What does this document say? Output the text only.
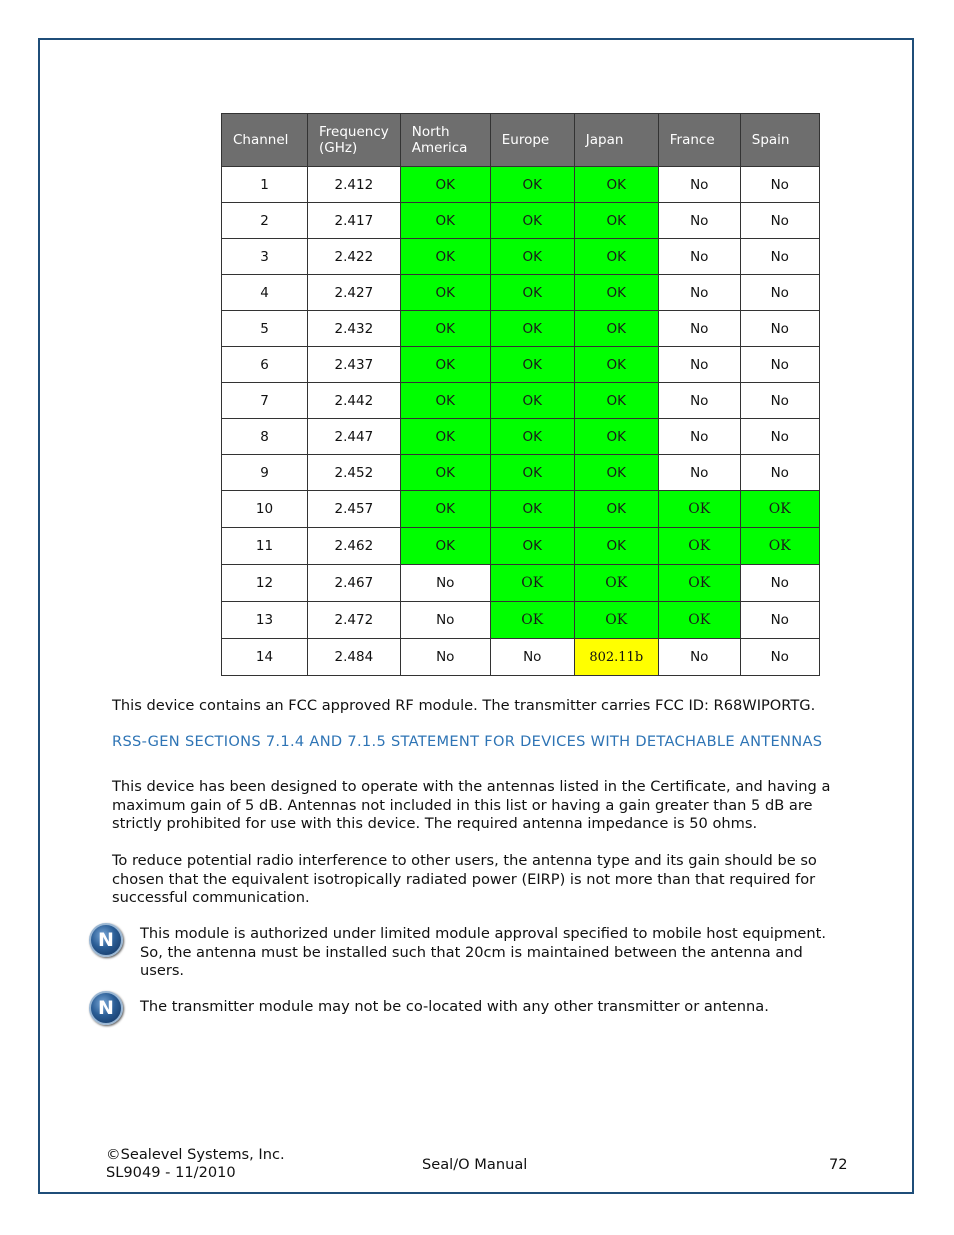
Channel	Frequency (GHz)	North America	Europe	Japan	France	Spain
1	2.412	OK	OK	OK	No	No
2	2.417	OK	OK	OK	No	No
3	2.422	OK	OK	OK	No	No
4	2.427	OK	OK	OK	No	No
5	2.432	OK	OK	OK	No	No
6	2.437	OK	OK	OK	No	No
7	2.442	OK	OK	OK	No	No
8	2.447	OK	OK	OK	No	No
9	2.452	OK	OK	OK	No	No
10	2.457	OK	OK	OK	OK	OK
11	2.462	OK	OK	OK	OK	OK
12	2.467	No	OK	OK	OK	No
13	2.472	No	OK	OK	OK	No
14	2.484	No	No	802.11b	No	No

This device contains an FCC approved RF module. The transmitter carries FCC ID: R68WIPORTG.

RSS-GEN SECTIONS 7.1.4 AND 7.1.5 STATEMENT FOR DEVICES WITH DETACHABLE ANTENNAS

This device has been designed to operate with the antennas listed in the Certificate, and having a maximum gain of 5 dB. Antennas not included in this list or having a gain greater than 5 dB are strictly prohibited for use with this device. The required antenna impedance is 50 ohms.

To reduce potential radio interference to other users, the antenna type and its gain should be so chosen that the equivalent isotropically radiated power (EIRP) is not more than that required for successful communication.

N This module is authorized under limited module approval specified to mobile host equipment. So, the antenna must be installed such that 20cm is maintained between the antenna and users.

N The transmitter module may not be co-located with any other transmitter or antenna.

©Sealevel Systems, Inc.
SL9049 - 11/2010	Seal/O Manual	72
